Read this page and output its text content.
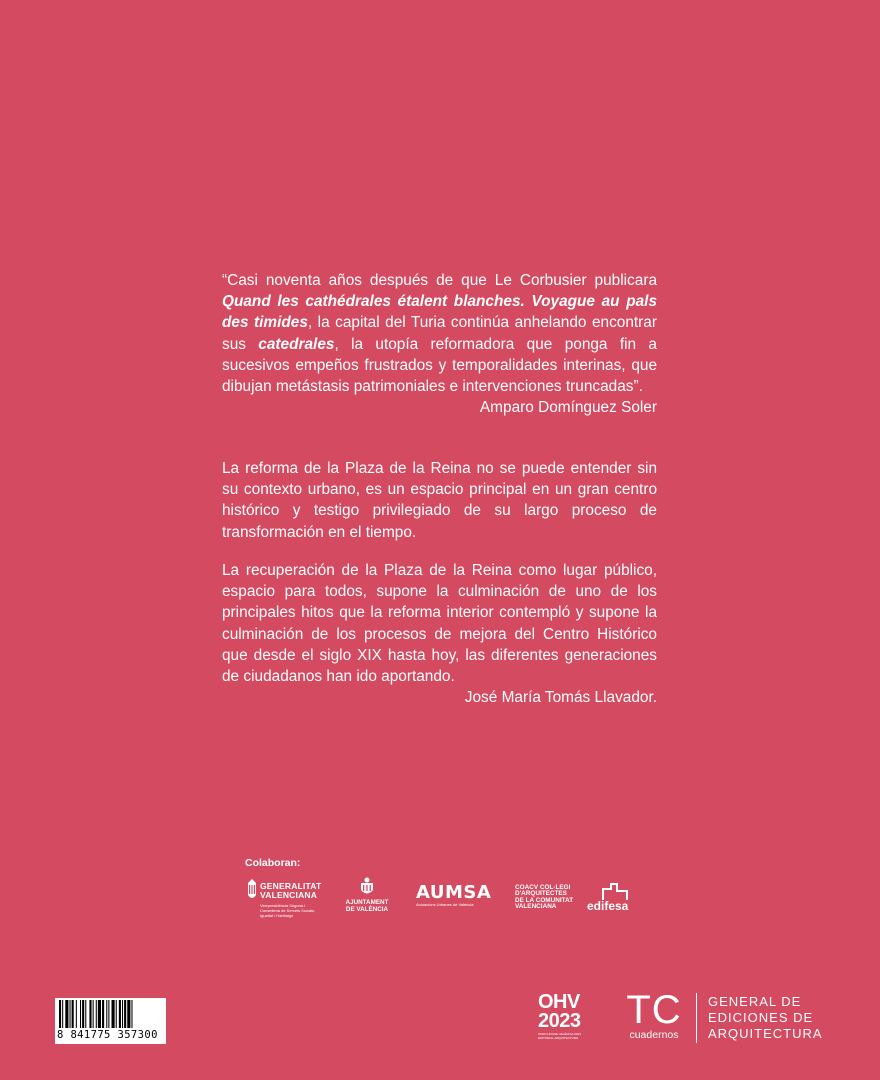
“Casi noventa años después de que Le Corbusier publicara Quand les cathédrales étalent blanches. Voyague au pals des timides, la capital del Turia continúa anhelando encontrar sus catedrales, la utopía reformadora que ponga fin a sucesivos empeños frustrados y temporalidades interinas, que dibujan metástasis patrimoniales e intervenciones truncadas”.

Amparo Domínguez Soler

La reforma de la Plaza de la Reina no se puede entender sin su contexto urbano, es un espacio principal en un gran centro histórico y testigo privilegiado de su largo proceso de transformación en el tiempo.

La recuperación de la Plaza de la Reina como lugar público, espacio para todos, supone la culminación de uno de los principales hitos que la reforma interior contempló y supone la culminación de los procesos de mejora del Centro Histórico que desde el siglo XIX hasta hoy, las diferentes generaciones de ciudadanos han ido aportando.

José María Tomás Llavador.

Colaboran:
GENERALITAT
VALENCIANA
Vicepresidència Segona i Conselleria de Serveis Socials, Igualtat i Habitatge
AJUNTAMENT
DE VALÈNCIA
AUMSA
Actuacions Urbanes de València
COACV COL·LEGI
D'ARQUITECTES
DE LA COMUNITAT
VALENCIANA	edifesa
8 841775 357300
OHV
2023
OPEN HOUSE VALÈNCIA 2023 EDITORIAL ARQUITECTURA
TC
cuadernos
GENERAL DE
EDICIONES DE
ARQUITECTURA
